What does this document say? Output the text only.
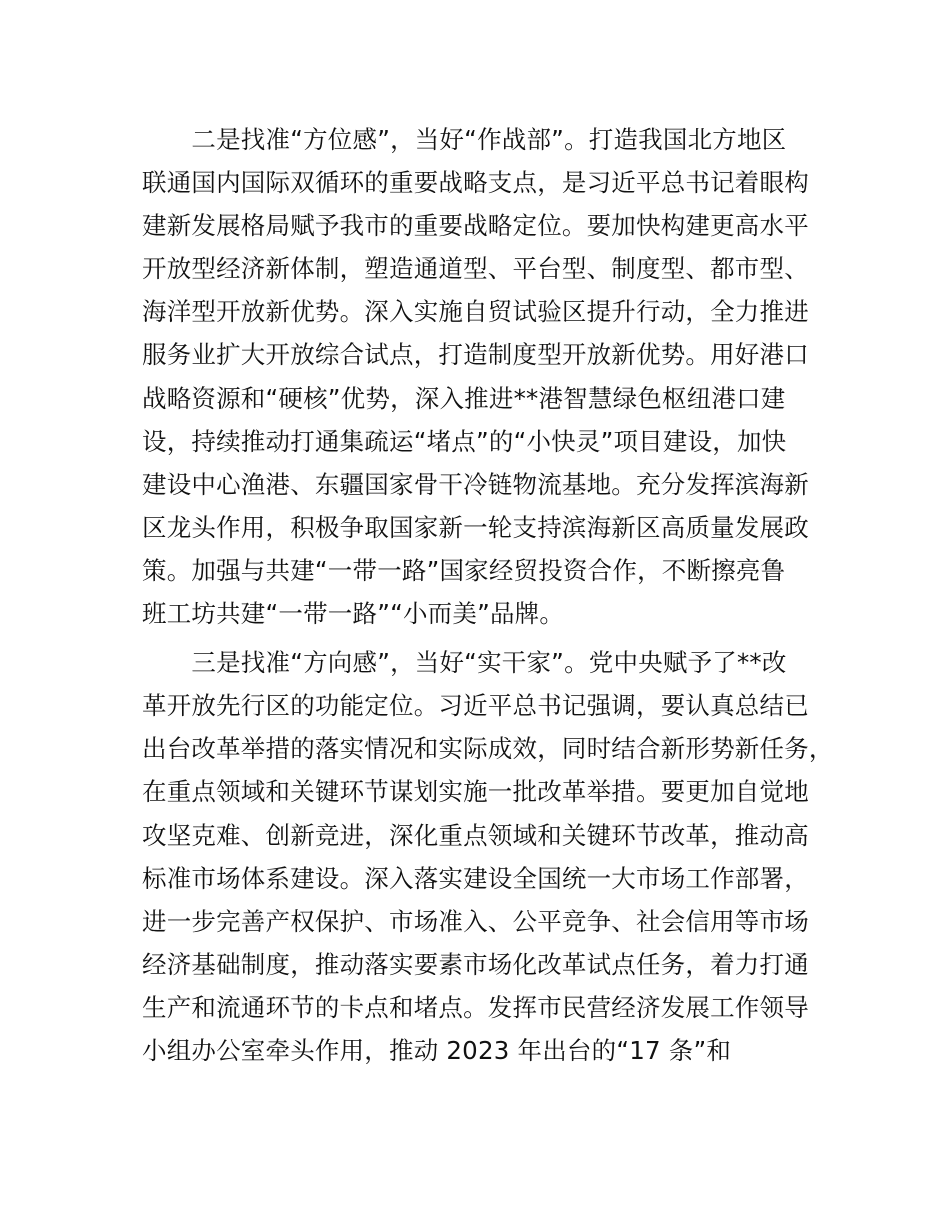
　　二是找准“方位感”，当好“作战部”。打造我国北方地区
联通国内国际双循环的重要战略支点，是习近平总书记着眼构
建新发展格局赋予我市的重要战略定位。要加快构建更高水平
开放型经济新体制，塑造通道型、平台型、制度型、都市型、
海洋型开放新优势。深入实施自贸试验区提升行动，全力推进
服务业扩大开放综合试点，打造制度型开放新优势。用好港口
战略资源和“硬核”优势，深入推进**港智慧绿色枢纽港口建
设，持续推动打通集疏运“堵点”的“小快灵”项目建设，加快
建设中心渔港、东疆国家骨干冷链物流基地。充分发挥滨海新
区龙头作用，积极争取国家新一轮支持滨海新区高质量发展政
策。加强与共建“一带一路”国家经贸投资合作，不断擦亮鲁
班工坊共建“一带一路”“小而美”品牌。
　　三是找准“方向感”，当好“实干家”。党中央赋予了**改
革开放先行区的功能定位。习近平总书记强调，要认真总结已
出台改革举措的落实情况和实际成效，同时结合新形势新任务，
在重点领域和关键环节谋划实施一批改革举措。要更加自觉地
攻坚克难、创新竞进，深化重点领域和关键环节改革，推动高
标准市场体系建设。深入落实建设全国统一大市场工作部署，
进一步完善产权保护、市场准入、公平竞争、社会信用等市场
经济基础制度，推动落实要素市场化改革试点任务，着力打通
生产和流通环节的卡点和堵点。发挥市民营经济发展工作领导
小组办公室牵头作用，推动 2023 年出台的“17 条”和
